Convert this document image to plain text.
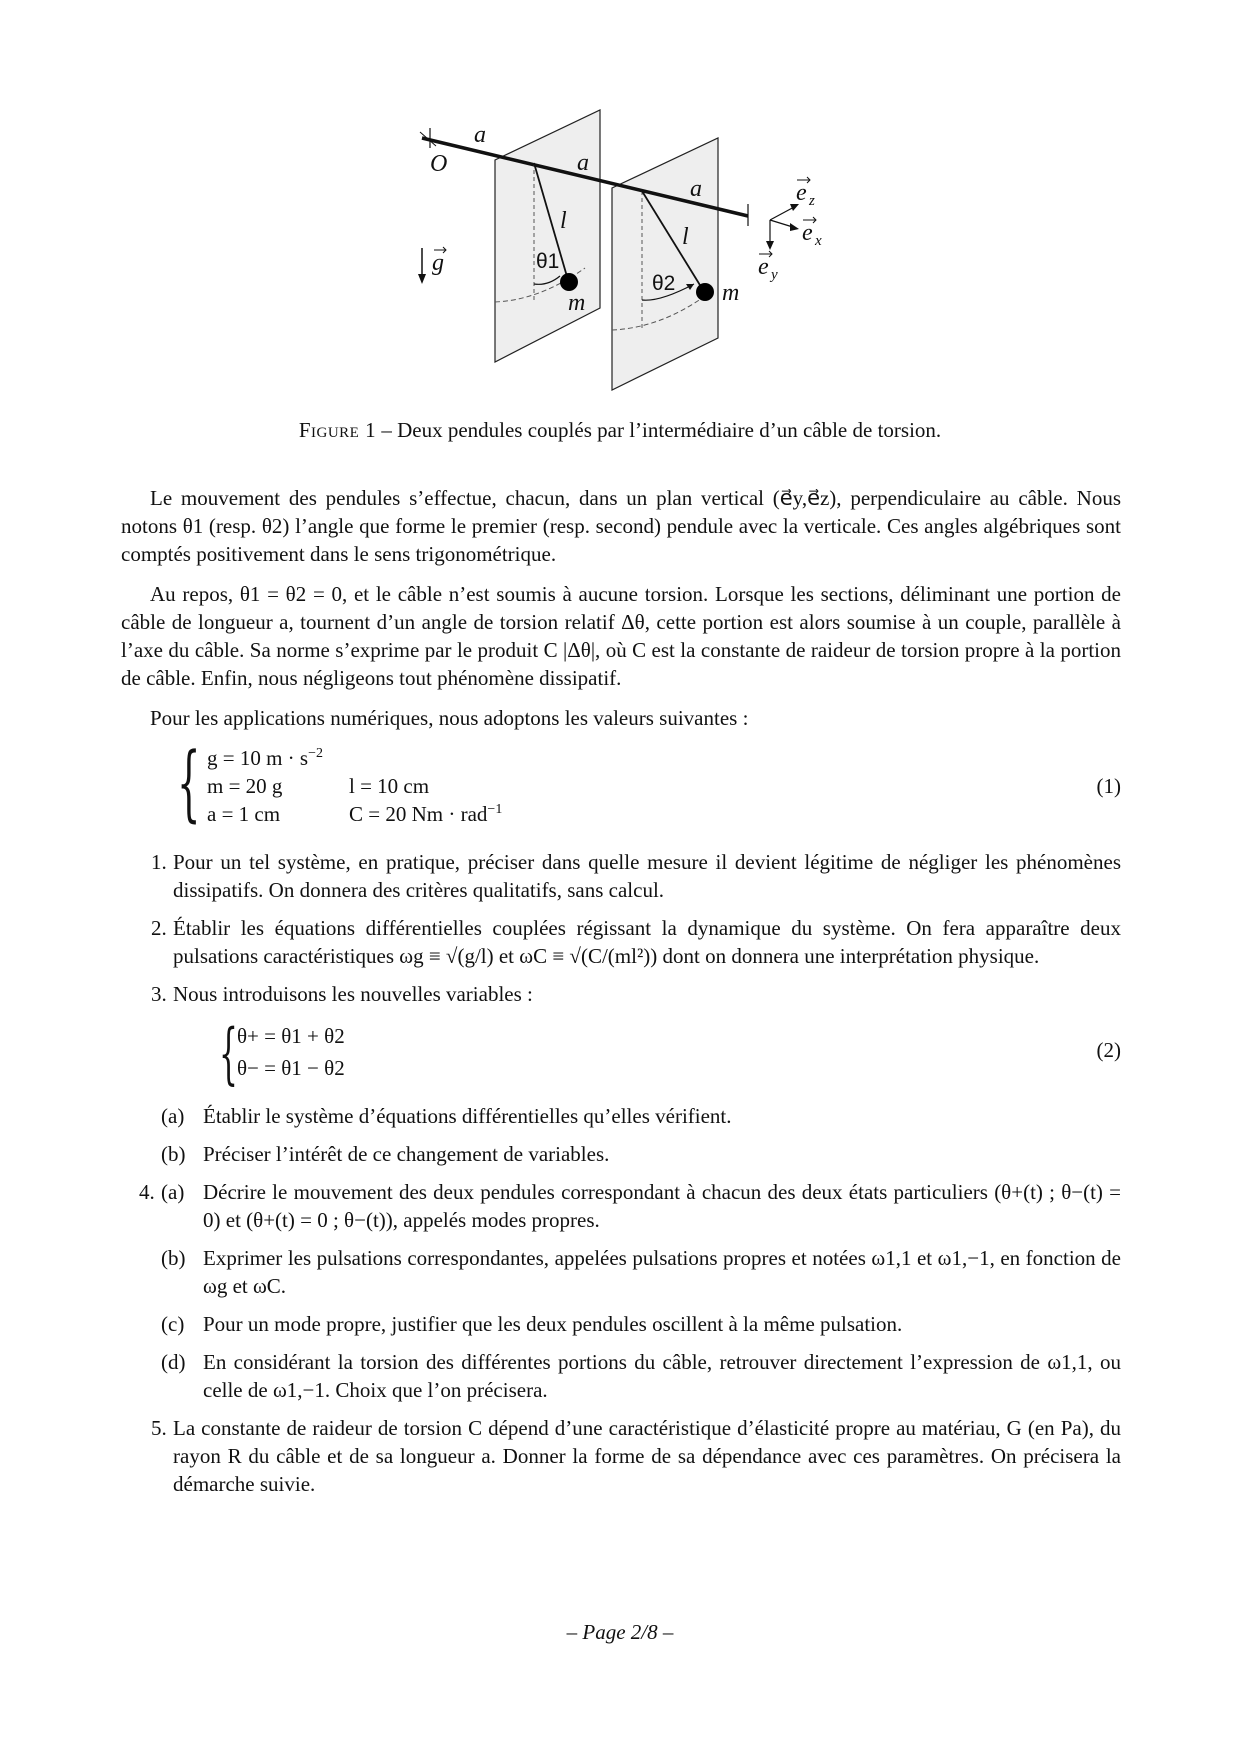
a
O	a
a
l
l
m	m
g
e z
e x
e y
θ1
θ2
Figure 1 – Deux pendules couplés par l’intermédiaire d’un câble de torsion.

Le mouvement des pendules s’effectue, chacun, dans un plan vertical (e⃗y,e⃗z), perpendiculaire au câble. Nous notons θ1 (resp. θ2) l’angle que forme le premier (resp. second) pendule avec la verticale. Ces angles algébriques sont comptés positivement dans le sens trigonométrique.

Au repos, θ1 = θ2 = 0, et le câble n’est soumis à aucune torsion. Lorsque les sections, déliminant une portion de câble de longueur a, tournent d’un angle de torsion relatif Δθ, cette portion est alors soumise à un couple, parallèle à l’axe du câble. Sa norme s’exprime par le produit C |Δθ|, où C est la constante de raideur de torsion propre à la portion de câble. Enfin, nous négligeons tout phénomène dissipatif.

Pour les applications numériques, nous adoptons les valeurs suivantes :

{ g = 10 $m \cdot s^{-2}$
m = 20 g	l = 10 cm
a = 1 cm	C = 20 Nm · rad$^{-1}$
(1)
1. Pour un tel système, en pratique, préciser dans quelle mesure il devient légitime de négliger les phénomènes dissipatifs. On donnera des critères qualitatifs, sans calcul.
2. Établir les équations différentielles couplées régissant la dynamique du système. On fera apparaître deux pulsations caractéristiques ωg ≡ √(g/l) et ωC ≡ √(C/(ml²)) dont on donnera une interprétation physique.
3. Nous introduisons les nouvelles variables :
{ θ+ = θ1 + θ2
θ− = θ1 − θ2
(2)
(a) Établir le système d’équations différentielles qu’elles vérifient.
(b) Préciser l’intérêt de ce changement de variables.
4. (a) Décrire le mouvement des deux pendules correspondant à chacun des deux états particuliers (θ+(t) ; θ−(t) = 0) et (θ+(t) = 0 ; θ−(t)), appelés modes propres.
(b) Exprimer les pulsations correspondantes, appelées pulsations propres et notées ω1,1 et ω1,−1, en fonction de ωg et ωC.
(c) Pour un mode propre, justifier que les deux pendules oscillent à la même pulsation.
(d) En considérant la torsion des différentes portions du câble, retrouver directement l’expression de ω1,1, ou celle de ω1,−1. Choix que l’on précisera.
5. La constante de raideur de torsion C dépend d’une caractéristique d’élasticité propre au matériau, G (en Pa), du rayon R du câble et de sa longueur a. Donner la forme de sa dépendance avec ces paramètres. On précisera la démarche suivie.
– Page 2/8 –
